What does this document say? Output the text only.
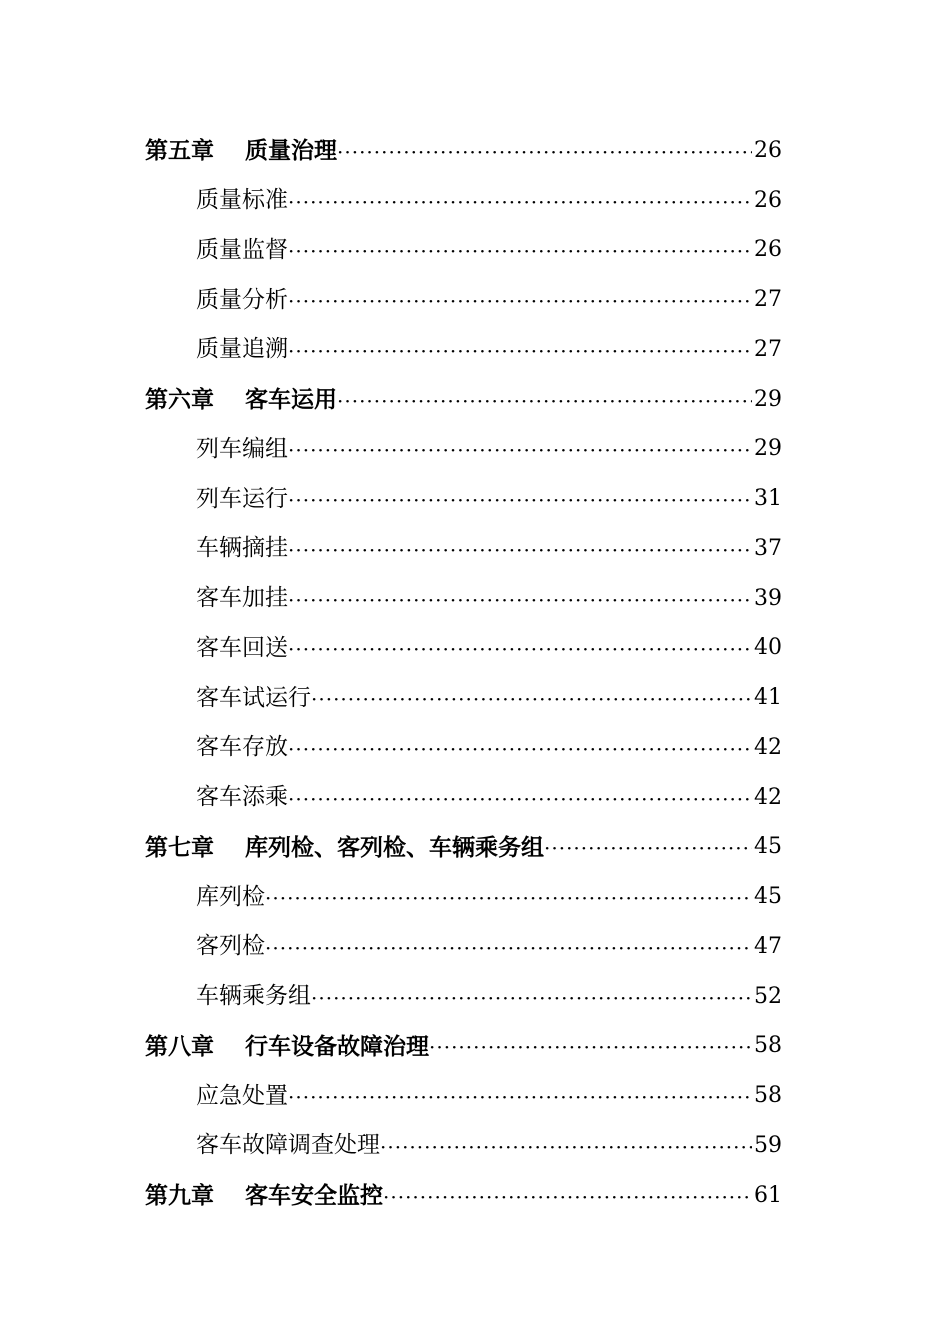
第五章	质量治理 ·····	26
质量标准 ·····	26
质量监督 ·····	26
质量分析 ·····	27
质量追溯 ·····	27
第六章	客车运用 ·····	29
列车编组 ·····	29
列车运行 ·····	31
车辆摘挂 ·····	37
客车加挂 ·····	39
客车回送 ·····	40
客车试运行 ·····	41
客车存放 ·····	42
客车添乘 ·····	42
第七章	库列检、客列检、车辆乘务组 ·····	45
库列检 ·····	45
客列检 ·····	47
车辆乘务组 ·····	52
第八章	行车设备故障治理 ·····	58
应急处置 ·····	58
客车故障调查处理 ·····	59
第九章	客车安全监控 ·····	61
